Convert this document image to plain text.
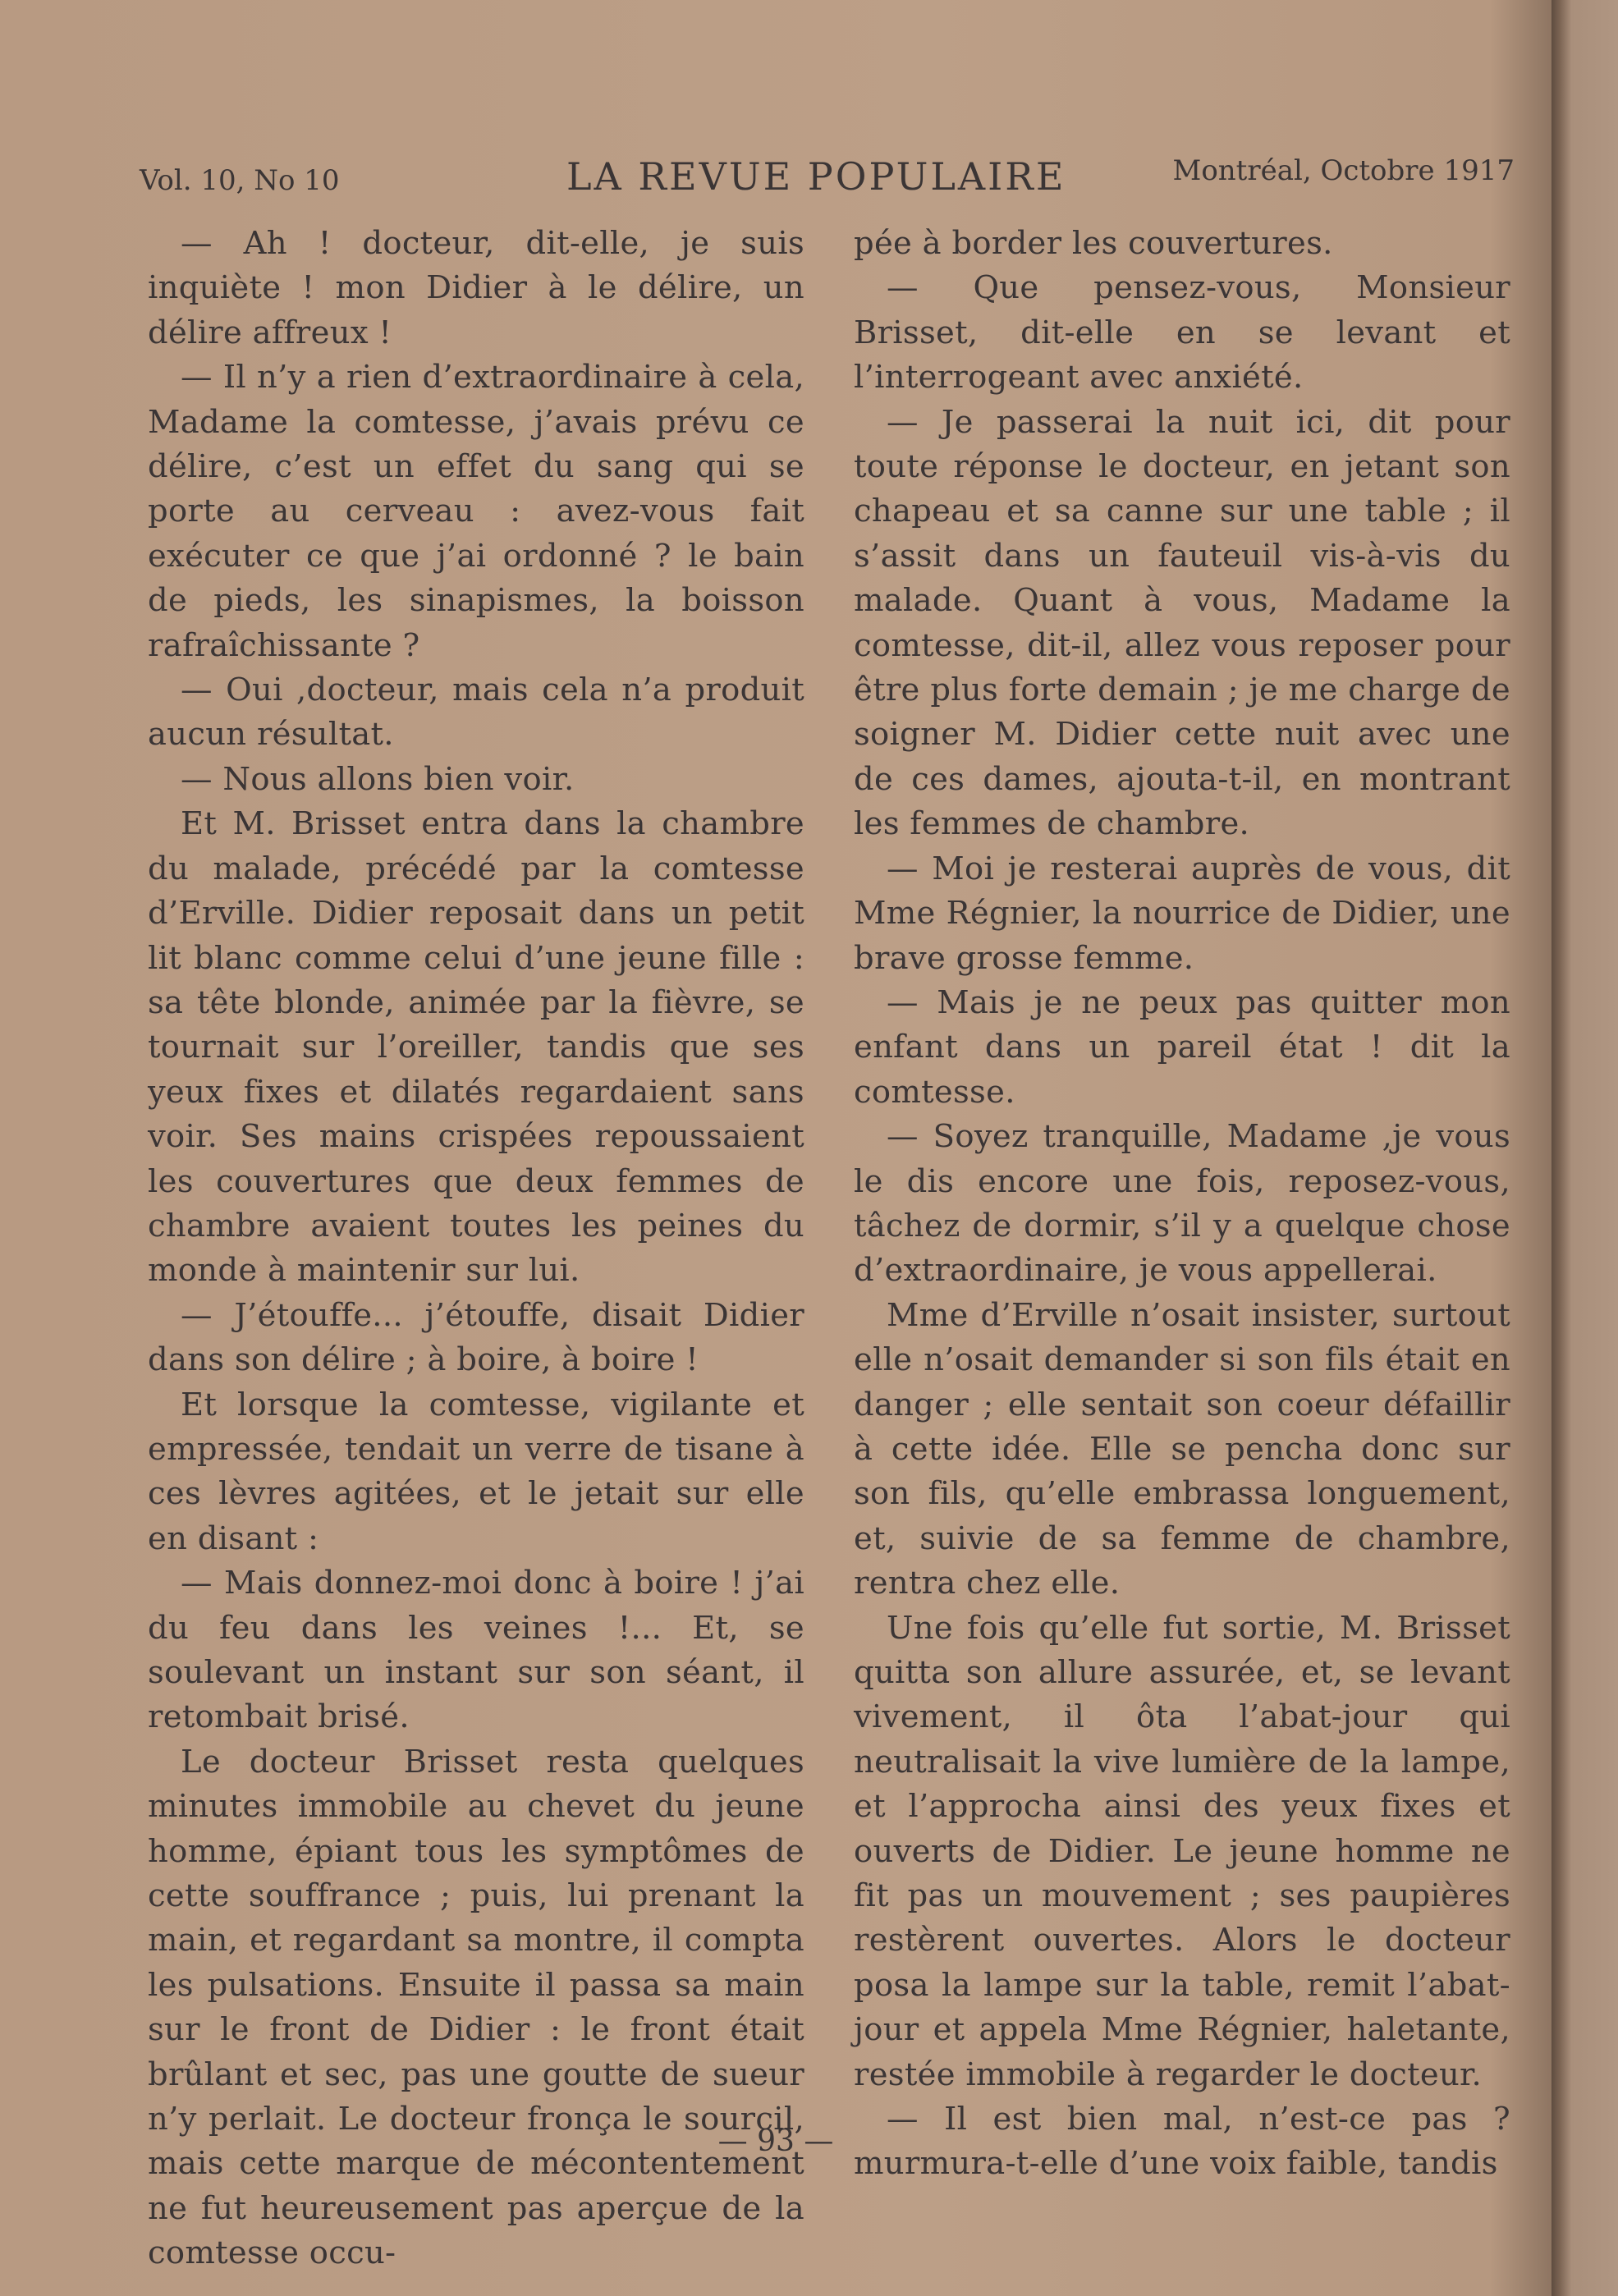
Vol. 10, No 10	LA REVUE POPULAIRE	Montréal, Octobre 1917

— Ah ! docteur, dit-elle, je suis inquiète ! mon Didier à le délire, un délire affreux !

— Il n’y a rien d’extraordinaire à cela, Madame la comtesse, j’avais prévu ce délire, c’est un effet du sang qui se porte au cerveau : avez-vous fait exécuter ce que j’ai ordonné ? le bain de pieds, les sinapismes, la boisson rafraîchissante ?

— Oui ,docteur, mais cela n’a produit aucun résultat.

— Nous allons bien voir.

Et M. Brisset entra dans la chambre du malade, précédé par la comtesse d’Erville. Didier reposait dans un petit lit blanc comme celui d’une jeune fille : sa tête blonde, animée par la fièvre, se tournait sur l’oreiller, tandis que ses yeux fixes et dilatés regardaient sans voir. Ses mains crispées repoussaient les couvertures que deux femmes de chambre avaient toutes les peines du monde à maintenir sur lui.

— J’étouffe... j’étouffe, disait Didier dans son délire ; à boire, à boire !

Et lorsque la comtesse, vigilante et empressée, tendait un verre de tisane à ces lèvres agitées, et le jetait sur elle en disant :

— Mais donnez-moi donc à boire ! j’ai du feu dans les veines !... Et, se soulevant un instant sur son séant, il retombait brisé.

Le docteur Brisset resta quelques minutes immobile au chevet du jeune homme, épiant tous les symptômes de cette souffrance ; puis, lui prenant la main, et regardant sa montre, il compta les pulsations. Ensuite il passa sa main sur le front de Didier : le front était brûlant et sec, pas une goutte de sueur n’y perlait. Le docteur fronça le sourcil, mais cette marque de mécontentement ne fut heureusement pas aperçue de la comtesse occu-

pée à border les couvertures.

— Que pensez-vous, Monsieur Brisset, dit-elle en se levant et l’interrogeant avec anxiété.

— Je passerai la nuit ici, dit pour toute réponse le docteur, en jetant son chapeau et sa canne sur une table ; il s’assit dans un fauteuil vis-à-vis du malade. Quant à vous, Madame la comtesse, dit-il, allez vous reposer pour être plus forte demain ; je me charge de soigner M. Didier cette nuit avec une de ces dames, ajouta-t-il, en montrant les femmes de chambre.

— Moi je resterai auprès de vous, dit Mme Régnier, la nourrice de Didier, une brave grosse femme.

— Mais je ne peux pas quitter mon enfant dans un pareil état ! dit la comtesse.

— Soyez tranquille, Madame ,je vous le dis encore une fois, reposez-vous, tâchez de dormir, s’il y a quelque chose d’extraordinaire, je vous appellerai.

Mme d’Erville n’osait insister, surtout elle n’osait demander si son fils était en danger ; elle sentait son coeur défaillir à cette idée. Elle se pencha donc sur son fils, qu’elle embrassa longuement, et, suivie de sa femme de chambre, rentra chez elle.

Une fois qu’elle fut sortie, M. Brisset quitta son allure assurée, et, se levant vivement, il ôta l’abat-jour qui neutralisait la vive lumière de la lampe, et l’approcha ainsi des yeux fixes et ouverts de Didier. Le jeune homme ne fit pas un mouvement ; ses paupières restèrent ouvertes. Alors le docteur posa la lampe sur la table, remit l’abat-jour et appela Mme Régnier, haletante, restée immobile à regarder le docteur.

— Il est bien mal, n’est-ce pas ? murmura-t-elle d’une voix faible, tandis

— 93 —
